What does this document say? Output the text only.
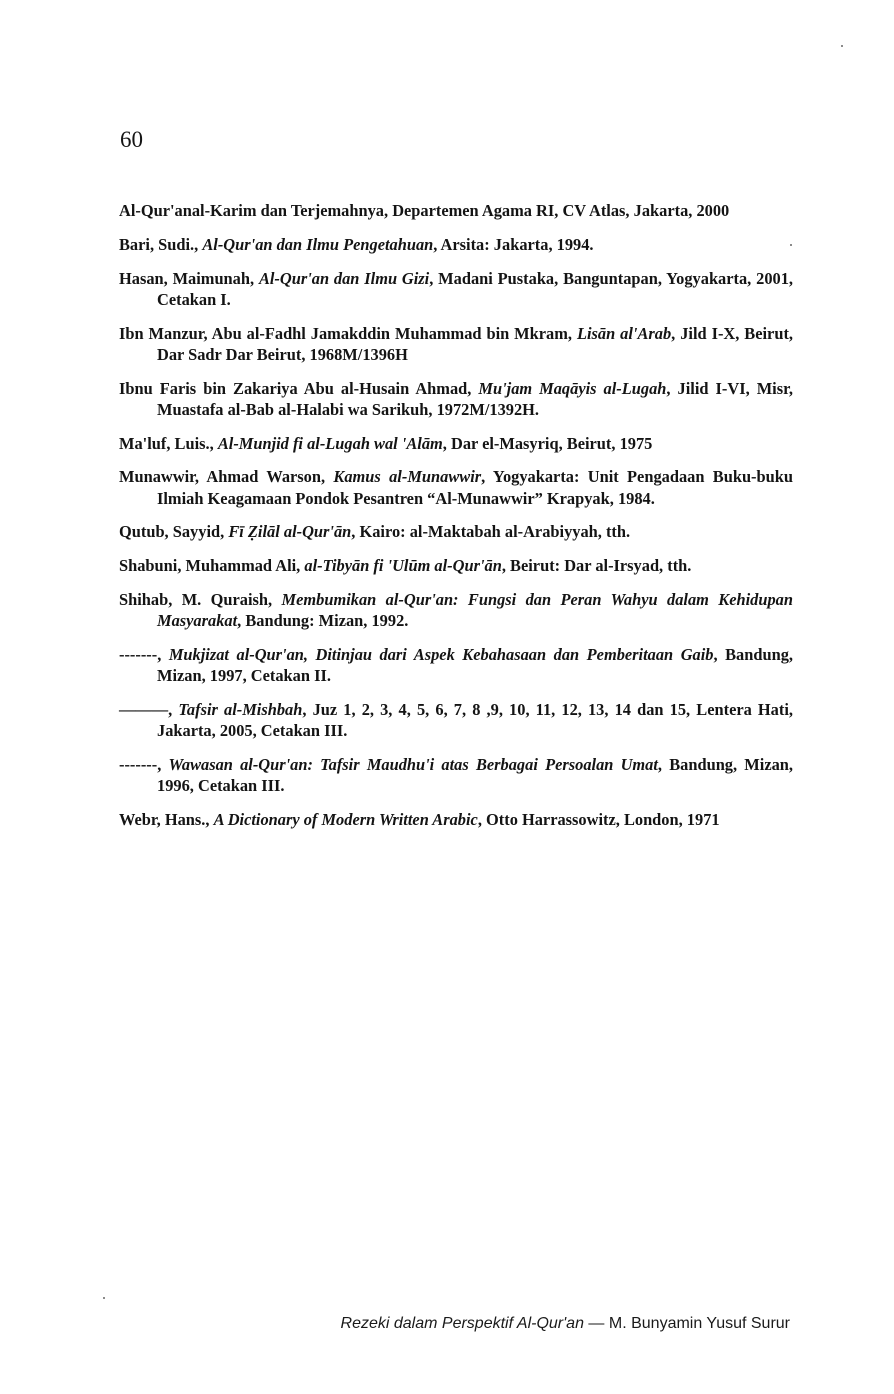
60
Al-Qur'anal-Karim dan Terjemahnya, Departemen Agama RI, CV Atlas, Jakarta, 2000
Bari, Sudi., Al-Qur'an dan Ilmu Pengetahuan, Arsita: Jakarta, 1994.
Hasan, Maimunah, Al-Qur'an dan Ilmu Gizi, Madani Pustaka, Banguntapan, Yogyakarta, 2001, Cetakan I.
Ibn Manzur, Abu al-Fadhl Jamakddin Muhammad bin Mkram, Lisān al'Arab, Jild I-X, Beirut, Dar Sadr Dar Beirut, 1968M/1396H
Ibnu Faris bin Zakariya Abu al-Husain Ahmad, Mu'jam Maqāyis al-Lugah, Jilid I-VI, Misr, Muastafa al-Bab al-Halabi wa Sarikuh, 1972M/1392H.
Ma'luf, Luis., Al-Munjid fi al-Lugah wal 'Alām, Dar el-Masyriq, Beirut, 1975
Munawwir, Ahmad Warson, Kamus al-Munawwir, Yogyakarta: Unit Pengadaan Buku-buku Ilmiah Keagamaan Pondok Pesantren “Al-Munawwir” Krapyak, 1984.
Qutub, Sayyid, Fī Ẓilāl al-Qur'ān, Kairo: al-Maktabah al-Arabiyyah, tth.
Shabuni, Muhammad Ali, al-Tibyān fi 'Ulūm al-Qur'ān, Beirut: Dar al-Irsyad, tth.
Shihab, M. Quraish, Membumikan al-Qur'an: Fungsi dan Peran Wahyu dalam Kehidupan Masyarakat, Bandung: Mizan, 1992.
-------, Mukjizat al-Qur'an, Ditinjau dari Aspek Kebahasaan dan Pemberitaan Gaib, Bandung, Mizan, 1997, Cetakan II.
———, Tafsir al-Mishbah, Juz 1, 2, 3, 4, 5, 6, 7, 8 ,9, 10, 11, 12, 13, 14 dan 15, Lentera Hati, Jakarta, 2005, Cetakan III.
-------, Wawasan al-Qur'an: Tafsir Maudhu'i atas Berbagai Persoalan Umat, Bandung, Mizan, 1996, Cetakan III.
Webr, Hans., A Dictionary of Modern Written Arabic, Otto Harrassowitz, London, 1971
Rezeki dalam Perspektif Al-Qur'an — M. Bunyamin Yusuf Surur
